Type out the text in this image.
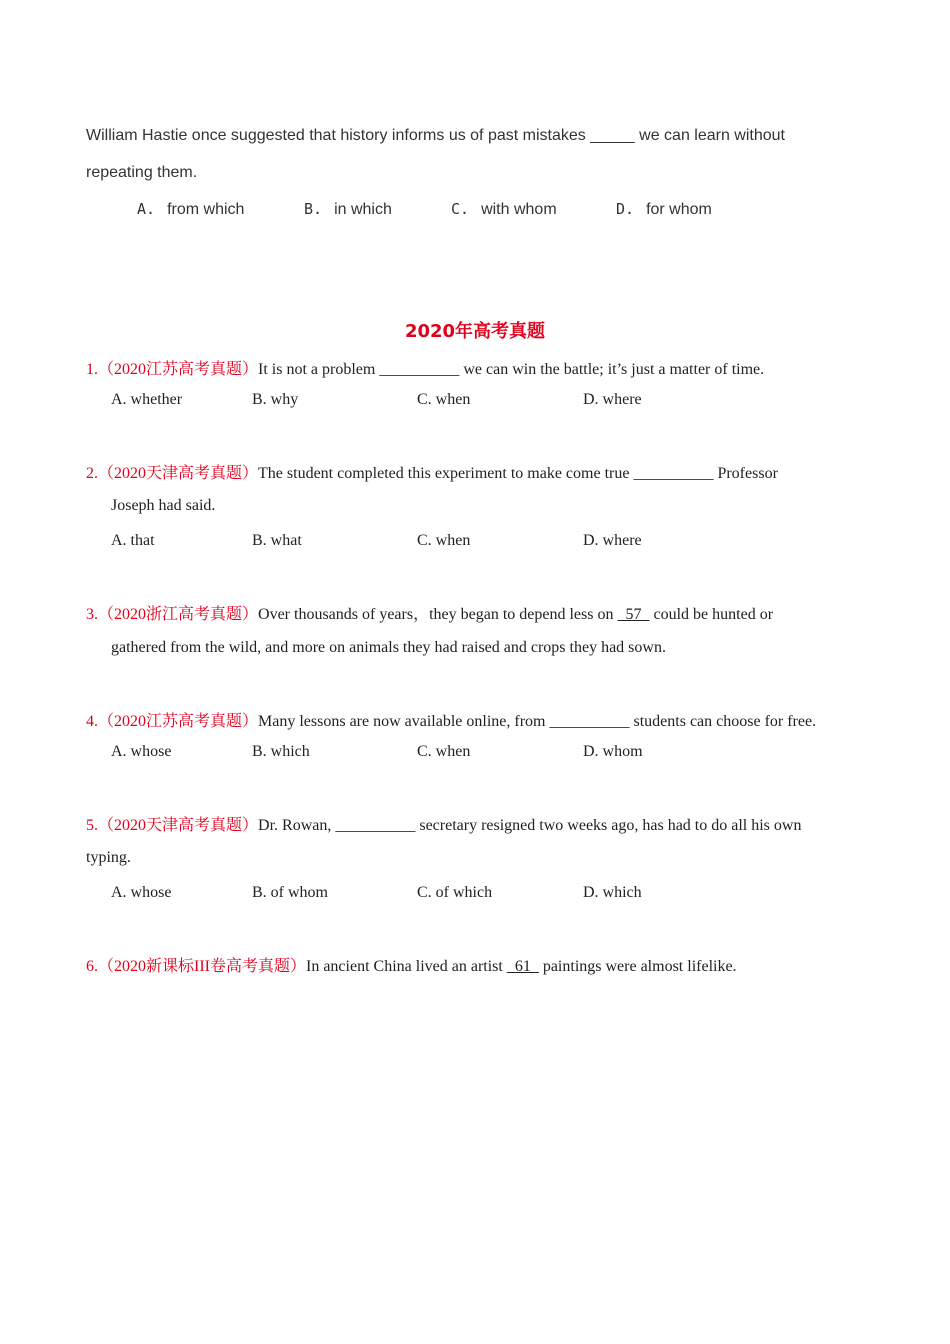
William Hastie once suggested that history informs us of past mistakes _____ we can learn without
repeating them.
A. from which	B. in which	C. with whom	D. for whom
2020年高考真题
1.（2020江苏高考真题）It is not a problem __________ we can win the battle; it’s just a matter of time.
A. whether	B. why	C. when	D. where
2.（2020天津高考真题）The student completed this experiment to make come true __________ Professor
Joseph had said.
A. that	B. what	C. when	D. where
3.（2020浙江高考真题）Over thousands of years，they began to depend less on   57   could be hunted or
gathered from the wild, and more on animals they had raised and crops they had sown.
4.（2020江苏高考真题）Many lessons are now available online, from __________ students can choose for free.
A. whose	B. which	C. when	D. whom
5.（2020天津高考真题）Dr. Rowan, __________ secretary resigned two weeks ago, has had to do all his own
typing.
A. whose	B. of whom	C. of which	D. which
6.（2020新课标III卷高考真题）In ancient China lived an artist   61   paintings were almost lifelike.
